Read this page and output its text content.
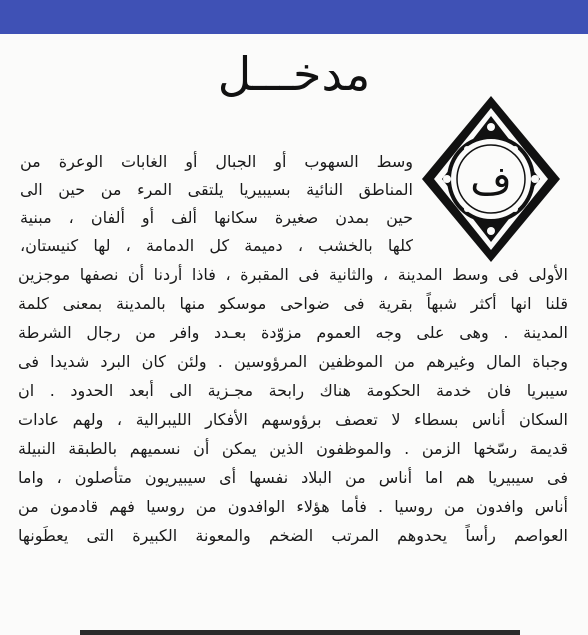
مدخـــل
ف
وسط السهوب أو الجبال أو الغابات الوعرة من
المناطق النائية بسيبيريا يلتقى المرء من حين الى
حين بمدن صغيرة سكانها ألف أو ألفان ، مبنية
كلها بالخشب ، دميمة كل الدمامة ، لها كنيستان،
الأولى فى وسط المدينة ، والثانية فى المقبرة ، فاذا أردنا أن نصفها موجزين
قلنا انها أكثر شبهاً بقرية فى ضواحى موسكو منها بالمدينة بمعنى كلمة
المدينة . وهى على وجه العموم مزوّدة بعـدد وافر من رجال الشرطة
وجباة المال وغيرهم من الموظفين المرؤوسين . ولئن كان البرد شديدا فى
سيبريا فان خدمة الحكومة هناك رابحة مجـزية الى أبعد الحدود . ان
السكان أناس بسطاء لا تعصف برؤوسهم الأفكار الليبرالية ، ولهم عادات
قديمة رسّخها الزمن . والموظفون الذين يمكن أن نسميهم بالطبقة النبيلة
فى سيبيريا هم اما أناس من البلاد نفسها أى سيبيريون متأصلون ، واما
أناس وافدون من روسيا . فأما هؤلاء الوافدون من روسيا فهم قادمون من
العواصم رأساً يحدوهم المرتب الضخم والمعونة الكبيرة التى يعطَونها
